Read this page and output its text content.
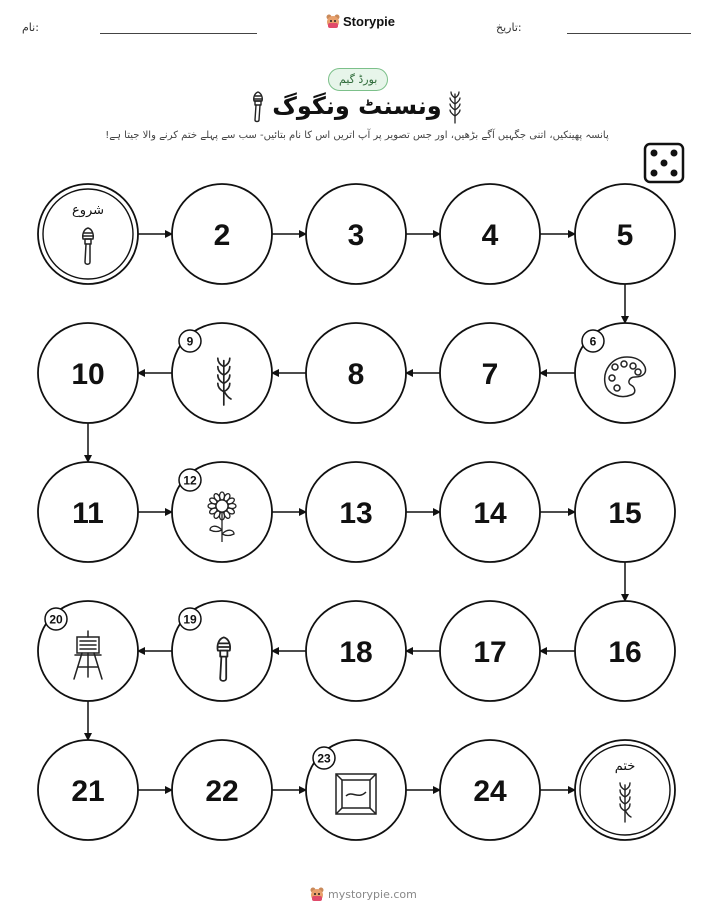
نام:	Storypie	تاریخ:
بورڈ گیم
ونسنٹ ونگوگ
پانسہ پھینکیں، اتنی جگہیں آگے بڑھیں، اور جس تصویر پر آپ اتریں اس کا نام بتائیں- سب سے پہلے ختم کرنے والا جیتا ہے!
شروع
2	3	4	5
6
7
8
9
10
11
12
13	14	15
16
17
18
19
20
21	22
23
24
ختم
mystorypie.com
